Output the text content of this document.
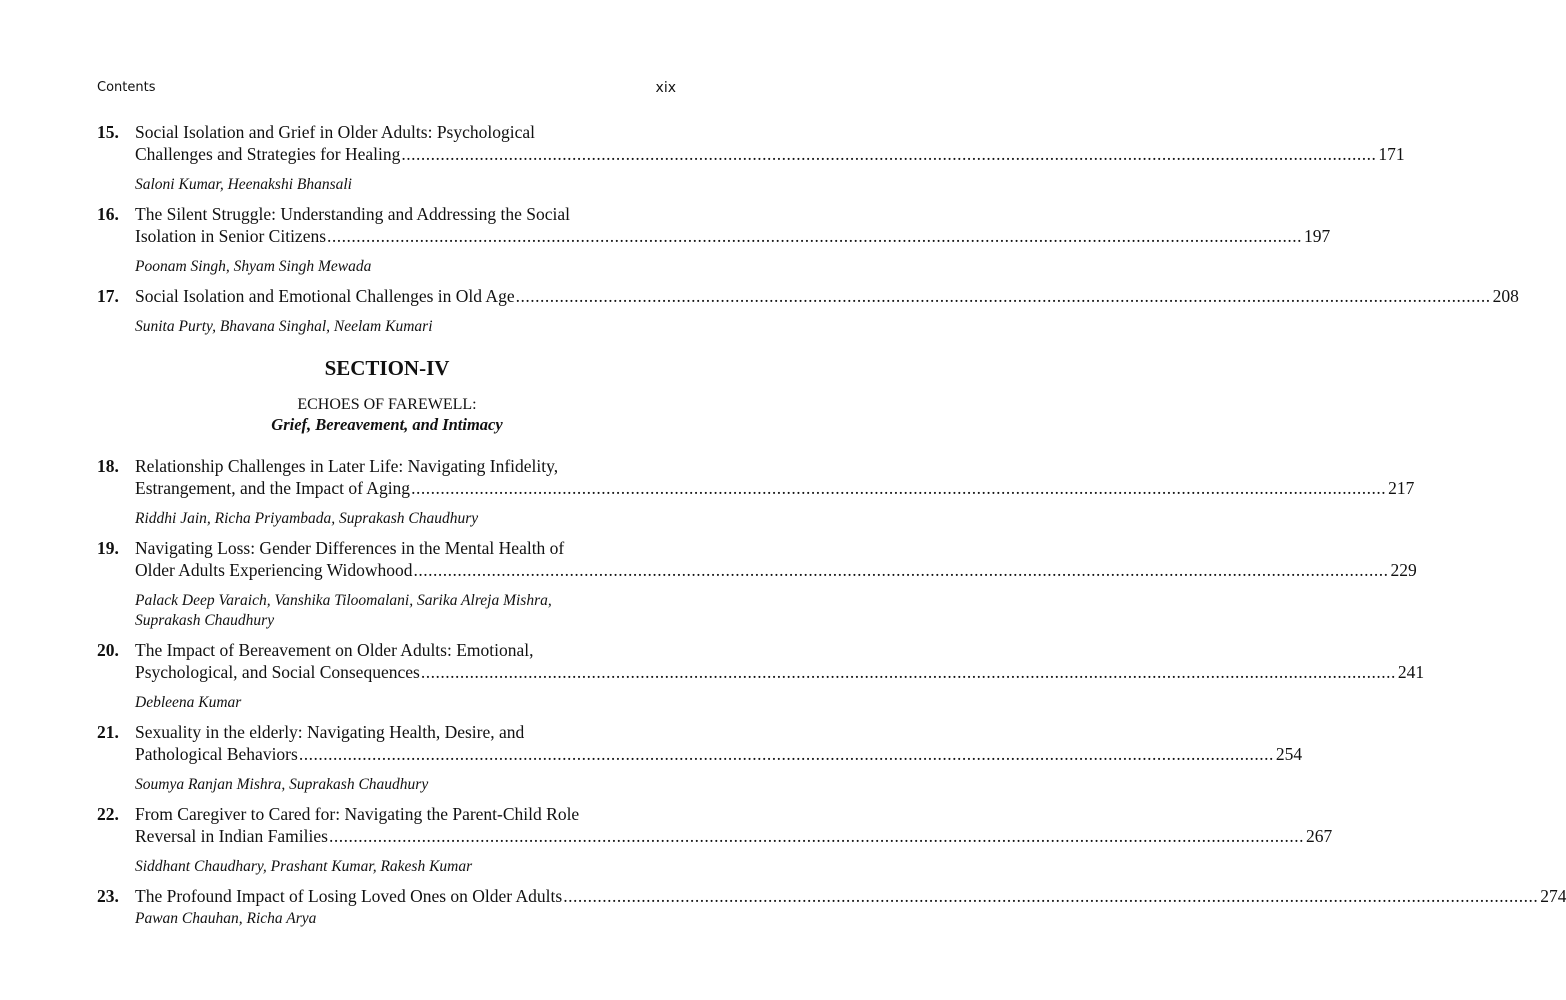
Contents	xix
15. Social Isolation and Grief in Older Adults: Psychological
Challenges and Strategies for Healing ........................................................................................................................................................................................................ 171
Saloni Kumar, Heenakshi Bhansali
16. The Silent Struggle: Understanding and Addressing the Social
Isolation in Senior Citizens ........................................................................................................................................................................................................ 197
Poonam Singh, Shyam Singh Mewada
17. Social Isolation and Emotional Challenges in Old Age ........................................................................................................................................................................................................ 208
Sunita Purty, Bhavana Singhal, Neelam Kumari
SECTION-IV
ECHOES OF FAREWELL:
Grief, Bereavement, and Intimacy
18. Relationship Challenges in Later Life: Navigating Infidelity,
Estrangement, and the Impact of Aging ........................................................................................................................................................................................................ 217
Riddhi Jain, Richa Priyambada, Suprakash Chaudhury
19. Navigating Loss: Gender Differences in the Mental Health of
Older Adults Experiencing Widowhood ........................................................................................................................................................................................................ 229
Palack Deep Varaich, Vanshika Tiloomalani, Sarika Alreja Mishra,
Suprakash Chaudhury
20. The Impact of Bereavement on Older Adults: Emotional,
Psychological, and Social Consequences ........................................................................................................................................................................................................ 241
Debleena Kumar
21. Sexuality in the elderly: Navigating Health, Desire, and
Pathological Behaviors ........................................................................................................................................................................................................ 254
Soumya Ranjan Mishra, Suprakash Chaudhury
22. From Caregiver to Cared for: Navigating the Parent-Child Role
Reversal in Indian Families ........................................................................................................................................................................................................ 267
Siddhant Chaudhary, Prashant Kumar, Rakesh Kumar
23. The Profound Impact of Losing Loved Ones on Older Adults ........................................................................................................................................................................................................ 274
Pawan Chauhan, Richa Arya
